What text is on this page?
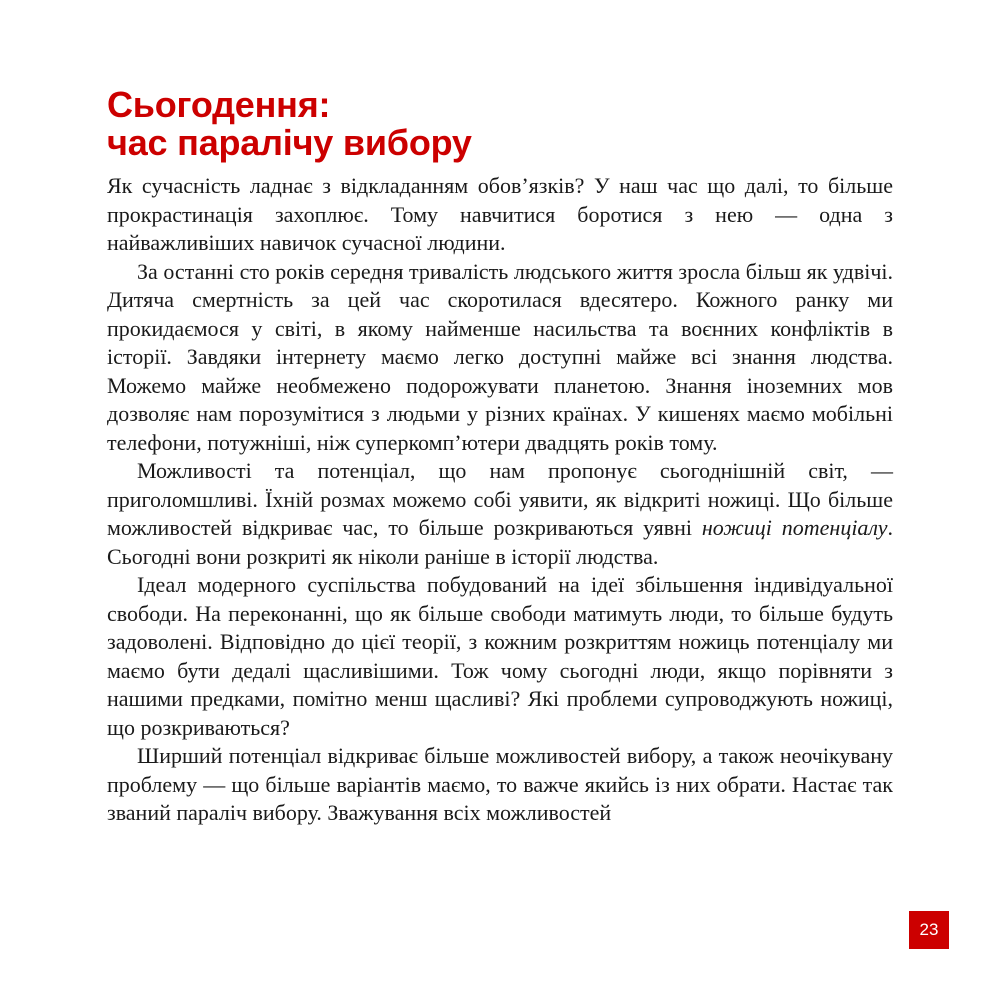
Сьогодення:
час паралічу вибору

Як сучасність ладнає з відкладанням обов’язків? У наш час що далі, то більше прокрастинація захоплює. Тому навчитися боротися з нею — одна з найважливіших навичок сучасної людини.

За останні сто років середня тривалість людського життя зросла більш як удвічі. Дитяча смертність за цей час скоротилася вдесятеро. Кожного ранку ми прокидаємося у світі, в якому найменше насильства та воєнних конфліктів в історії. Завдяки інтернету маємо легко доступні майже всі знання людства. Можемо майже необмежено подорожувати планетою. Знання іноземних мов дозволяє нам порозумітися з людьми у різних країнах. У кишенях маємо мобільні телефони, потужніші, ніж суперкомп’ютери двадцять років тому.

Можливості та потенціал, що нам пропонує сьогоднішній світ, — приголомшливі. Їхній розмах можемо собі уявити, як відкриті ножиці. Що більше можливостей відкриває час, то більше розкриваються уявні ножиці потенціалу. Сьогодні вони розкриті як ніколи раніше в історії людства.

Ідеал модерного суспільства побудований на ідеї збільшення індивідуальної свободи. На переконанні, що як більше свободи матимуть люди, то більше будуть задоволені. Відповідно до цієї теорії, з кожним розкриттям ножиць потенціалу ми маємо бути дедалі щасливішими. Тож чому сьогодні люди, якщо порівняти з нашими предками, помітно менш щасливі? Які проблеми супроводжують ножиці, що розкриваються?

Ширший потенціал відкриває більше можливостей вибору, а також неочікувану проблему — що більше варіантів маємо, то важче якийсь із них обрати. Настає так званий параліч вибору. Зважування всіх можливостей

23
